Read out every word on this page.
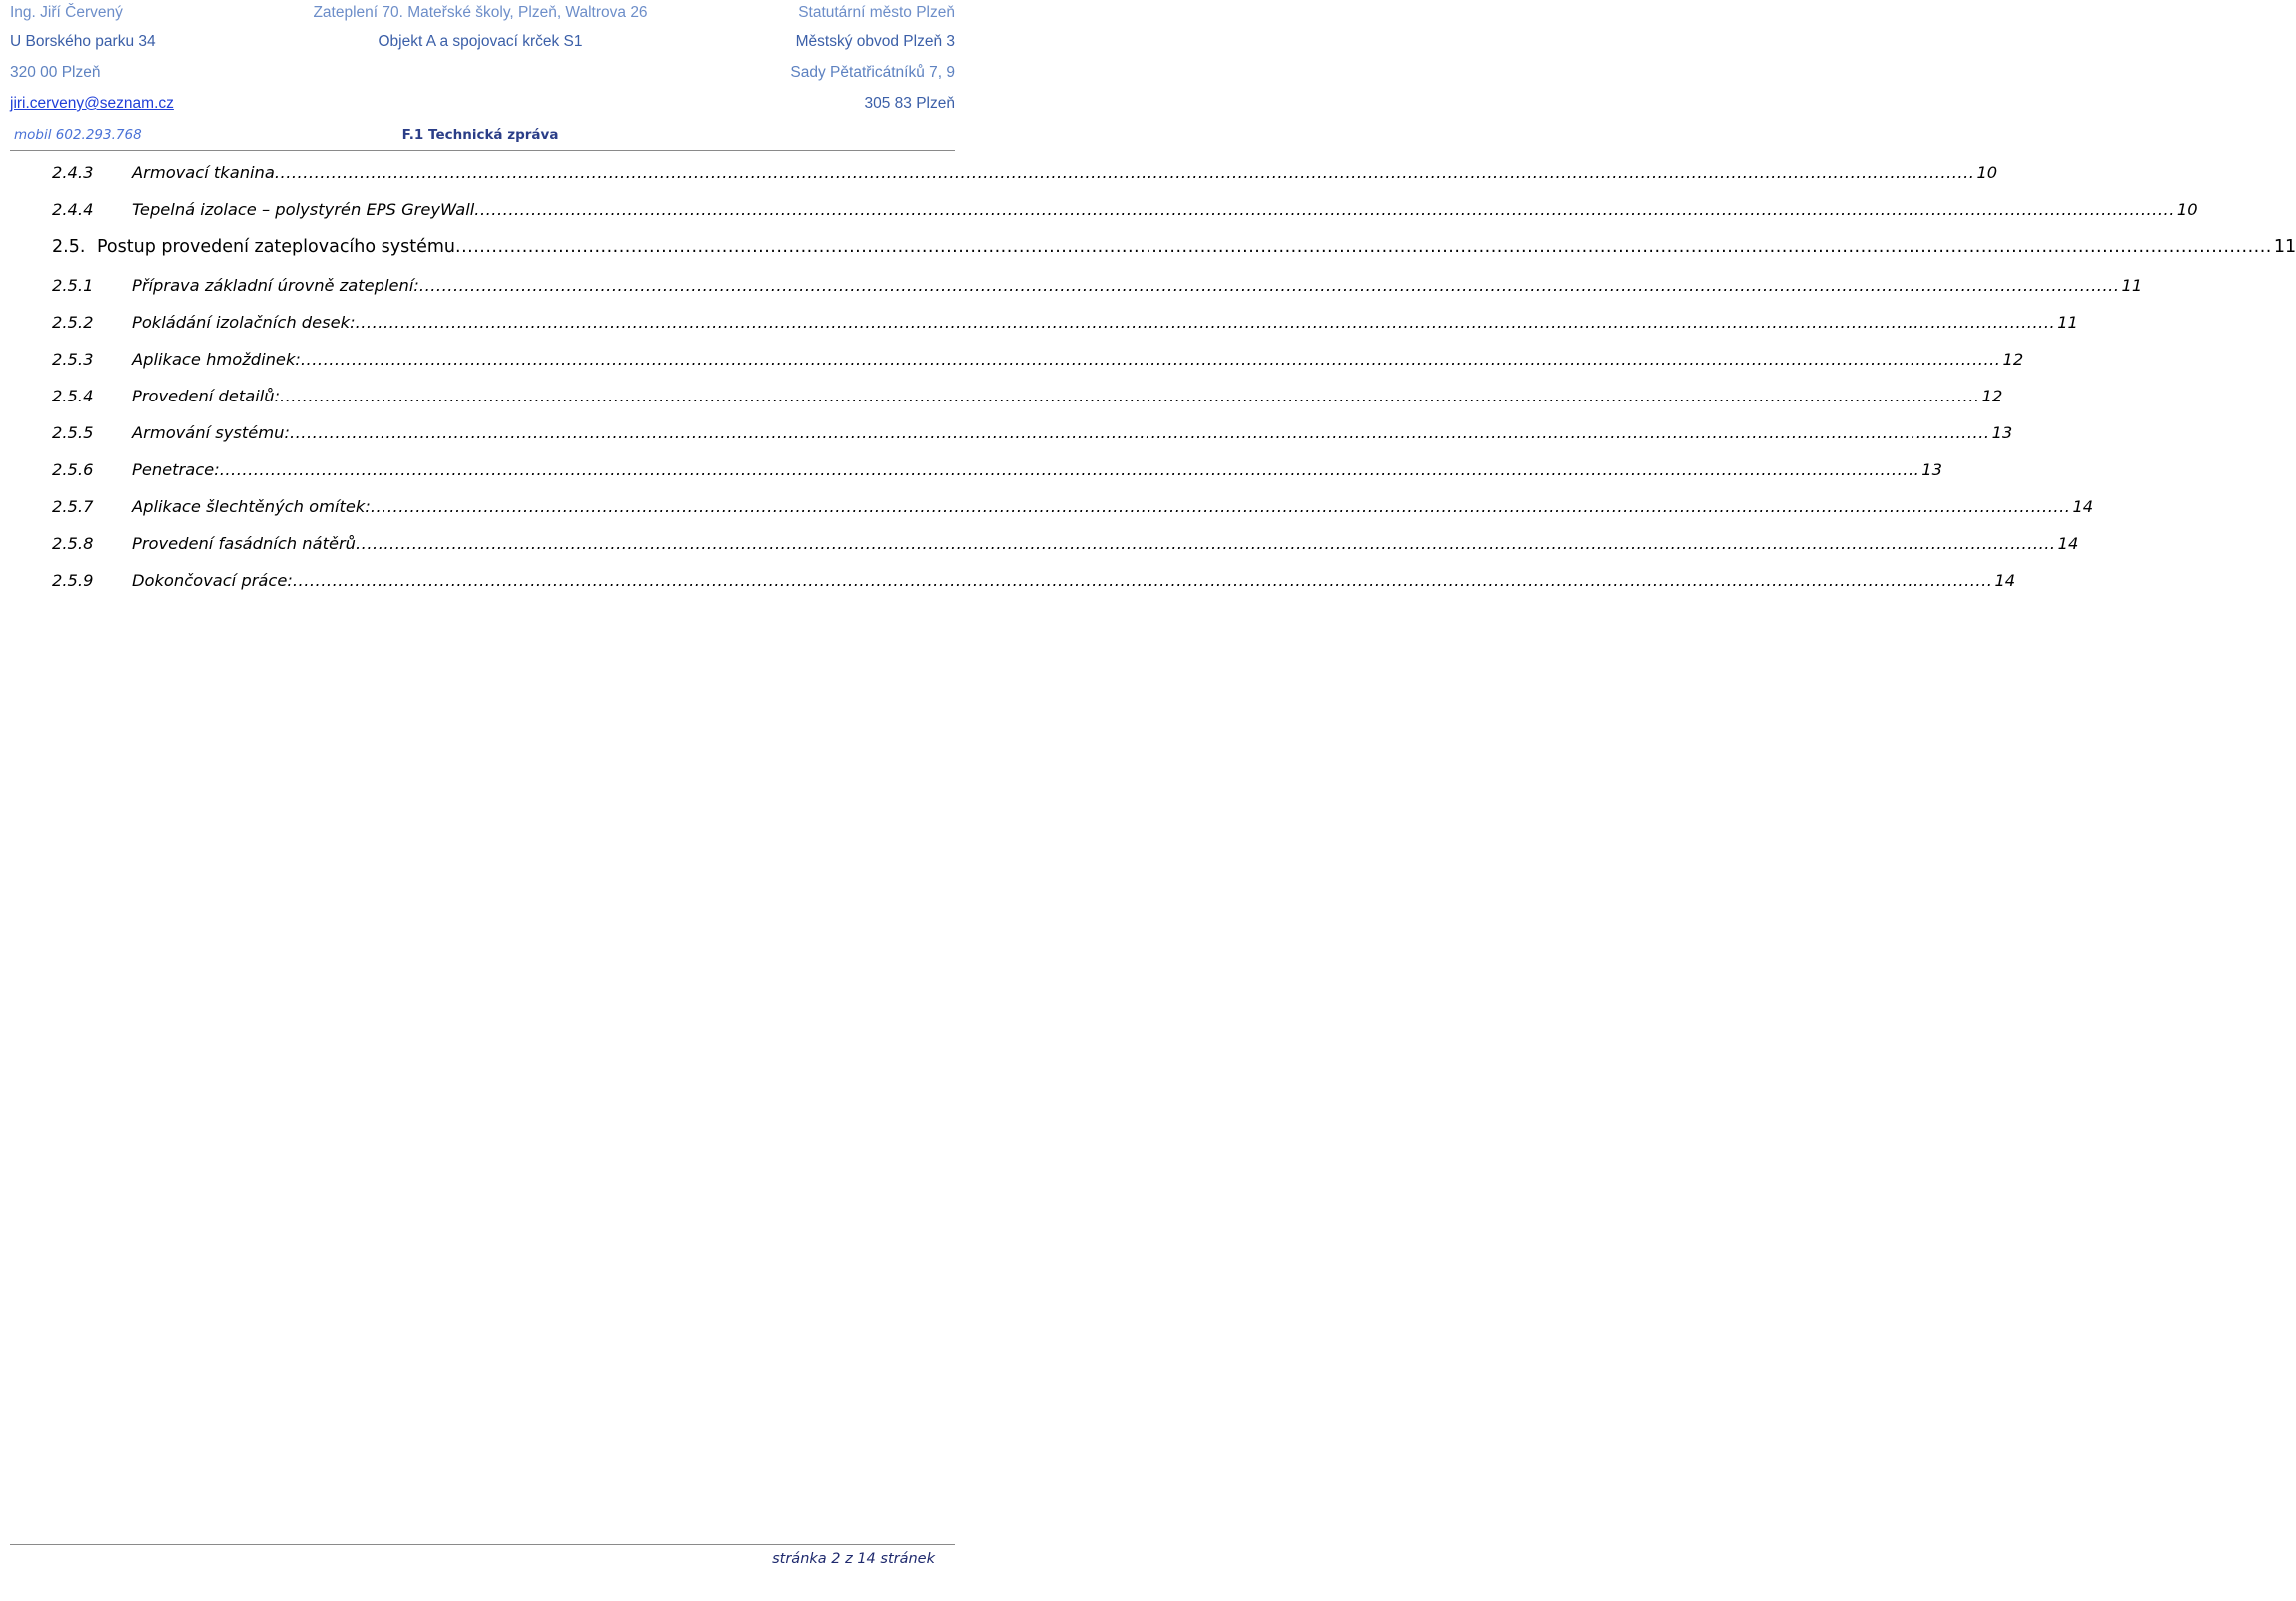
Ing. Jiří Červený	Zateplení 70. Mateřské školy, Plzeň, Waltrova 26	Statutární město Plzeň
U Borského parku 34	Objekt A a spojovací krček S1	Městský obvod Plzeň 3
320 00 Plzeň	Sady Pětatřicátníků 7, 9
jiri.cerveny@seznam.cz	305 83 Plzeň
mobil 602.293.768	F.1 Technická zpráva
2.4.3 Armovací tkanina ............................................................................................................................................................................................................................................................................................................ 10
2.4.4 Tepelná izolace – polystyrén EPS GreyWall ............................................................................................................................................................................................................................................................................................................ 10
2.5. Postup provedení zateplovacího systému ............................................................................................................................................................................................................................................................................................................ 11
2.5.1 Příprava základní úrovně zateplení: ............................................................................................................................................................................................................................................................................................................ 11
2.5.2 Pokládání izolačních desek: ............................................................................................................................................................................................................................................................................................................ 11
2.5.3 Aplikace hmoždinek: ............................................................................................................................................................................................................................................................................................................ 12
2.5.4 Provedení detailů: ............................................................................................................................................................................................................................................................................................................ 12
2.5.5 Armování systému: ............................................................................................................................................................................................................................................................................................................ 13
2.5.6 Penetrace: ............................................................................................................................................................................................................................................................................................................ 13
2.5.7 Aplikace šlechtěných omítek: ............................................................................................................................................................................................................................................................................................................ 14
2.5.8 Provedení fasádních nátěrů ............................................................................................................................................................................................................................................................................................................ 14
2.5.9 Dokončovací práce: ............................................................................................................................................................................................................................................................................................................ 14
stránka 2 z 14 stránek
